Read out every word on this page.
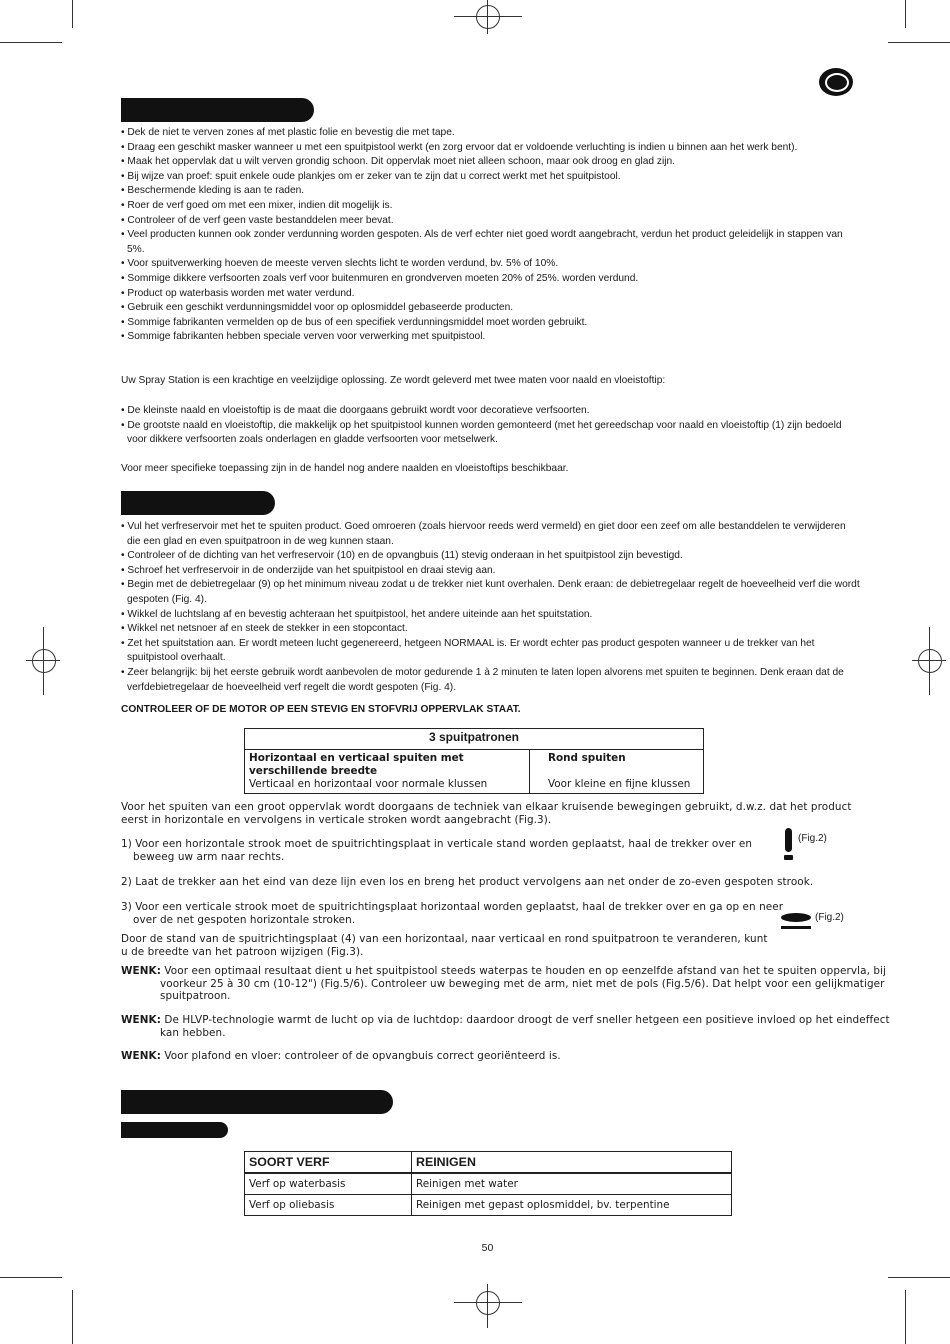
• Dek de niet te verven zones af met plastic folie en bevestig die met tape.
• Draag een geschikt masker wanneer u met een spuitpistool werkt (en zorg ervoor dat er voldoende verluchting is indien u binnen aan het werk bent).
• Maak het oppervlak dat u wilt verven grondig schoon. Dit oppervlak moet niet alleen schoon, maar ook droog en glad zijn.
• Bij wijze van proef: spuit enkele oude plankjes om er zeker van te zijn dat u correct werkt met het spuitpistool.
• Beschermende kleding is aan te raden.
• Roer de verf goed om met een mixer, indien dit mogelijk is.
• Controleer of de verf geen vaste bestanddelen meer bevat.
• Veel producten kunnen ook zonder verdunning worden gespoten. Als de verf echter niet goed wordt aangebracht, verdun het product geleidelijk in stappen van 5%.
• Voor spuitverwerking hoeven de meeste verven slechts licht te worden verdund, bv. 5% of 10%.
• Sommige dikkere verfsoorten zoals verf voor buitenmuren en grondverven moeten 20% of 25%. worden verdund.
• Product op waterbasis worden met water verdund.
• Gebruik een geschikt verdunningsmiddel voor op oplosmiddel gebaseerde producten.
• Sommige fabrikanten vermelden op de bus of een specifiek verdunningsmiddel moet worden gebruikt.
• Sommige fabrikanten hebben speciale verven voor verwerking met spuitpistool.

Uw Spray Station is een krachtige en veelzijdige oplossing. Ze wordt geleverd met twee maten voor naald en vloeistoftip:

• De kleinste naald en vloeistoftip is de maat die doorgaans gebruikt wordt voor decoratieve verfsoorten.
• De grootste naald en vloeistoftip, die makkelijk op het spuitpistool kunnen worden gemonteerd (met het gereedschap voor naald en vloeistoftip (1) zijn bedoeld voor dikkere verfsoorten zoals onderlagen en gladde verfsoorten voor metselwerk.

Voor meer specifieke toepassing zijn in de handel nog andere naalden en vloeistoftips beschikbaar.

• Vul het verfreservoir met het te spuiten product. Goed omroeren (zoals hiervoor reeds werd vermeld) en giet door een zeef om alle bestanddelen te verwijderen die een glad en even spuitpatroon in de weg kunnen staan.
• Controleer of de dichting van het verfreservoir (10) en de opvangbuis (11) stevig onderaan in het spuitpistool zijn bevestigd.
• Schroef het verfreservoir in de onderzijde van het spuitpistool en draai stevig aan.
• Begin met de debietregelaar (9) op het minimum niveau zodat u de trekker niet kunt overhalen. Denk eraan: de debietregelaar regelt de hoeveelheid verf die wordt gespoten (Fig. 4).
• Wikkel de luchtslang af en bevestig achteraan het spuitpistool, het andere uiteinde aan het spuitstation.
• Wikkel net netsnoer af en steek de stekker in een stopcontact.
• Zet het spuitstation aan. Er wordt meteen lucht gegenereerd, hetgeen NORMAAL is. Er wordt echter pas product gespoten wanneer u de trekker van het spuitpistool overhaalt.
• Zeer belangrijk: bij het eerste gebruik wordt aanbevolen de motor gedurende 1 à 2 minuten te laten lopen alvorens met spuiten te beginnen. Denk eraan dat de verfdebietregelaar de hoeveelheid verf regelt die wordt gespoten (Fig. 4).

CONTROLEER OF DE MOTOR OP EEN STEVIG EN STOFVRIJ OPPERVLAK STAAT.

3 spuitpatronen

Horizontaal en verticaal spuiten met verschillende breedte
Verticaal en horizontaal voor normale klussen

Rond spuiten
Voor kleine en fijne klussen

Voor het spuiten van een groot oppervlak wordt doorgaans de techniek van elkaar kruisende bewegingen gebruikt, d.w.z. dat het product eerst in horizontale en vervolgens in verticale stroken wordt aangebracht (Fig.3).

1) Voor een horizontale strook moet de spuitrichtingsplaat in verticale stand worden geplaatst, haal de trekker over en beweeg uw arm naar rechts.

(Fig.2)

2) Laat de trekker aan het eind van deze lijn even los en breng het product vervolgens aan net onder de zo-even gespoten strook.

3) Voor een verticale strook moet de spuitrichtingsplaat horizontaal worden geplaatst, haal de trekker over en ga op en neer over de net gespoten horizontale stroken.	(Fig.2)

Door de stand van de spuitrichtingsplaat (4) van een horizontaal, naar verticaal en rond spuitpatroon te veranderen, kunt u de breedte van het patroon wijzigen (Fig.3).

WENK: Voor een optimaal resultaat dient u het spuitpistool steeds waterpas te houden en op eenzelfde afstand van het te spuiten oppervla, bij voorkeur 25 à 30 cm (10-12") (Fig.5/6). Controleer uw beweging met de arm, niet met de pols (Fig.5/6). Dat helpt voor een gelijkmatiger spuitpatroon.

WENK: De HLVP-technologie warmt de lucht op via de luchtdop: daardoor droogt de verf sneller hetgeen een positieve invloed op het eindeffect kan hebben.

WENK: Voor plafond en vloer: controleer of de opvangbuis correct georiënteerd is.

SOORT VERF	REINIGEN
Verf op waterbasis	Reinigen met water
Verf op oliebasis	Reinigen met gepast oplosmiddel, bv. terpentine
50
